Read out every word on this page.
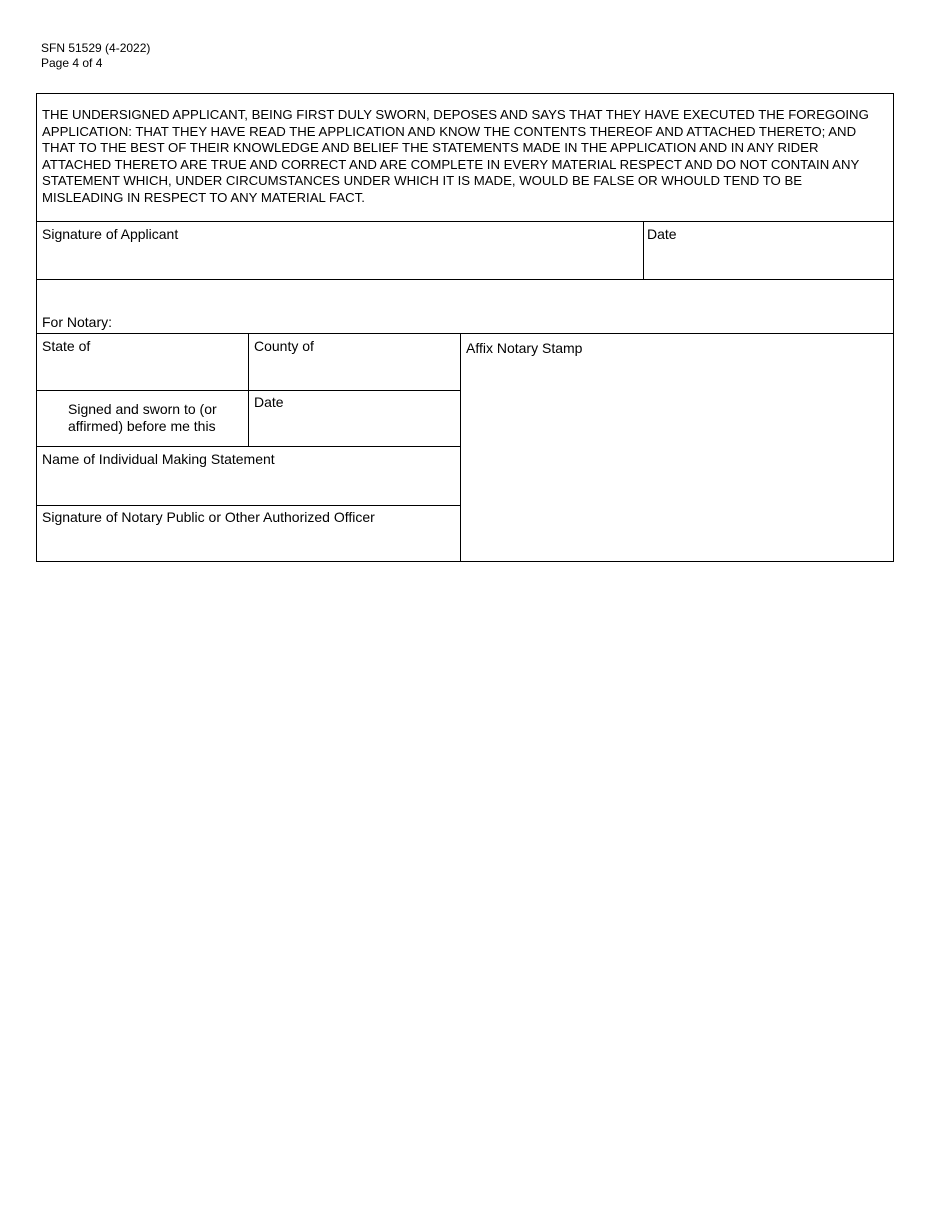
SFN 51529 (4-2022)
Page 4 of 4
THE UNDERSIGNED APPLICANT, BEING FIRST DULY SWORN, DEPOSES AND SAYS THAT THEY HAVE EXECUTED THE FOREGOING APPLICATION: THAT THEY HAVE READ THE APPLICATION AND KNOW THE CONTENTS THEREOF AND ATTACHED THERETO; AND THAT TO THE BEST OF THEIR KNOWLEDGE AND BELIEF THE STATEMENTS MADE IN THE APPLICATION AND IN ANY RIDER ATTACHED THERETO ARE TRUE AND CORRECT AND ARE COMPLETE IN EVERY MATERIAL RESPECT AND DO NOT CONTAIN ANY STATEMENT WHICH, UNDER CIRCUMSTANCES UNDER WHICH IT IS MADE, WOULD BE FALSE OR WHOULD TEND TO BE MISLEADING IN RESPECT TO ANY MATERIAL FACT.
Signature of Applicant	Date
For Notary:
State of	County of
Signed and sworn to (or affirmed) before me this
Date
Name of Individual Making Statement
Signature of Notary Public or Other Authorized Officer
Affix Notary Stamp
